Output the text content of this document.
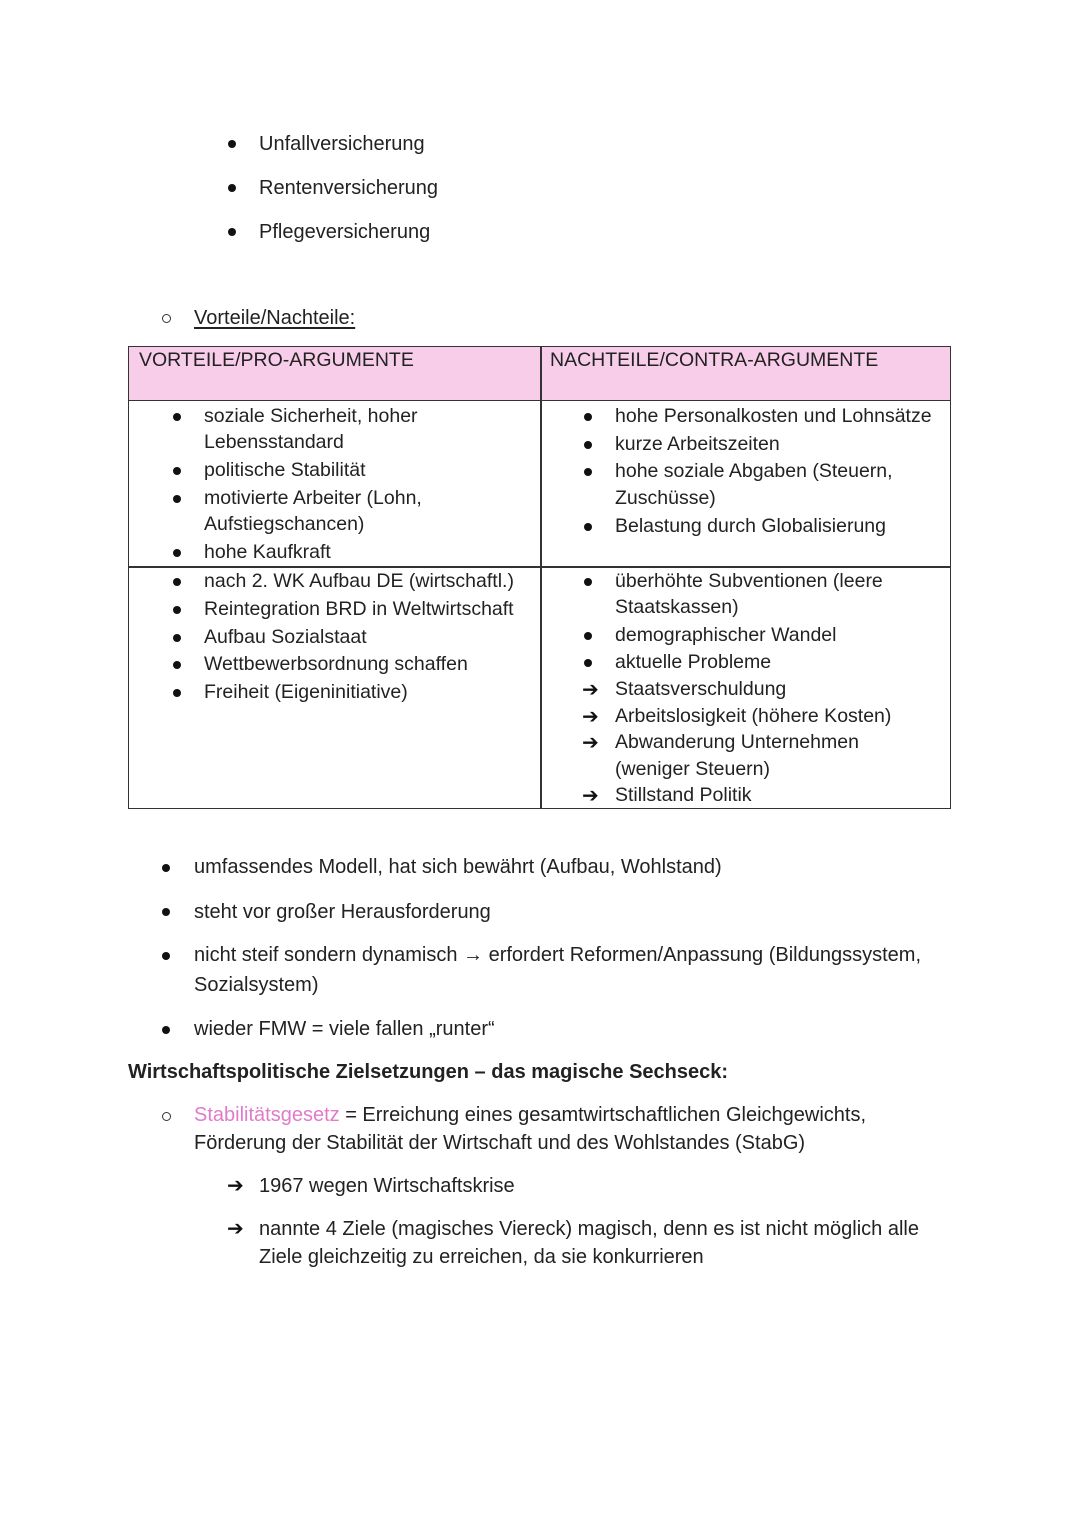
Unfallversicherung
Rentenversicherung
Pflegeversicherung
Vorteile/Nachteile:
VORTEILE/PRO-ARGUMENTE	NACHTEILE/CONTRA-ARGUMENTE
soziale Sicherheit, hoher
Lebensstandard
politische Stabilität
motivierte Arbeiter (Lohn,
Aufstiegschancen)
hohe Kaufkraft
hohe Personalkosten und Lohnsätze
kurze Arbeitszeiten
hohe soziale Abgaben (Steuern,
Zuschüsse)
Belastung durch Globalisierung
nach 2. WK Aufbau DE (wirtschaftl.)
Reintegration BRD in Weltwirtschaft
Aufbau Sozialstaat
Wettbewerbsordnung schaffen
Freiheit (Eigeninitiative)
überhöhte Subventionen (leere
Staatskassen)
demographischer Wandel
aktuelle Probleme
➔ Staatsverschuldung
➔ Arbeitslosigkeit (höhere Kosten)
➔ Abwanderung Unternehmen
(weniger Steuern)
➔ Stillstand Politik
umfassendes Modell, hat sich bewährt (Aufbau, Wohlstand)
steht vor großer Herausforderung
nicht steif sondern dynamisch → erfordert Reformen/Anpassung (Bildungssystem,
Sozialsystem)
wieder FMW = viele fallen „runter“
Wirtschaftspolitische Zielsetzungen – das magische Sechseck:
Stabilitätsgesetz = Erreichung eines gesamtwirtschaftlichen Gleichgewichts,
Förderung der Stabilität der Wirtschaft und des Wohlstandes (StabG)
➔ 1967 wegen Wirtschaftskrise
➔ nannte 4 Ziele (magisches Viereck) magisch, denn es ist nicht möglich alle
Ziele gleichzeitig zu erreichen, da sie konkurrieren
